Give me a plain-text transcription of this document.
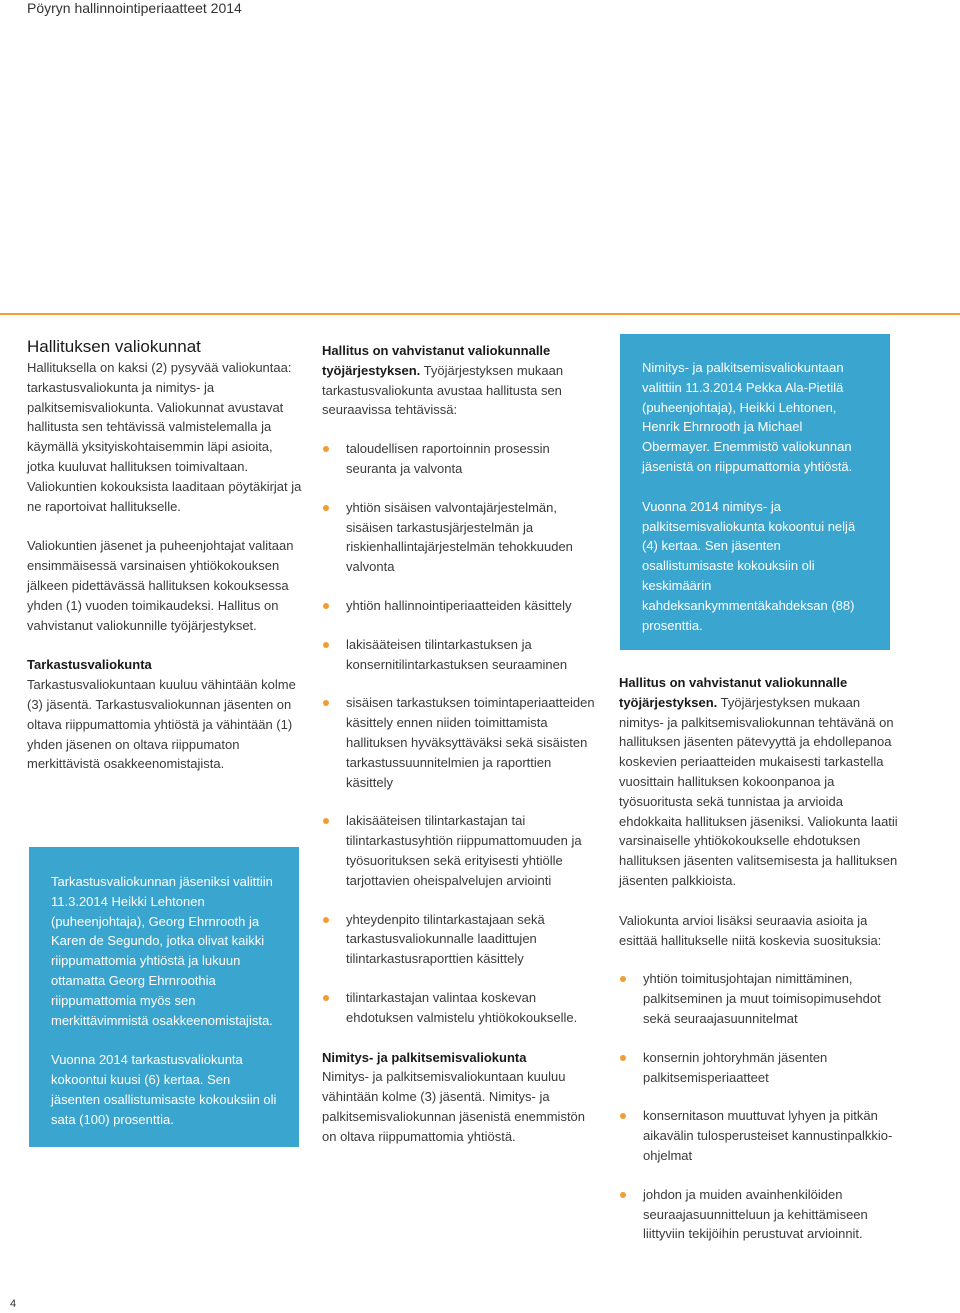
Pöyryn hallinnointiperiaatteet 2014

Hallituksen valiokunnat

Hallituksella on kaksi (2) pysyvää valiokuntaa: tarkastusvaliokunta ja nimitys- ja palkitsemisvaliokunta. Valiokunnat avustavat hallitusta sen tehtävissä valmistelemalla ja käymällä yksityiskohtaisemmin läpi asioita, jotka kuuluvat hallituksen toimivaltaan. Valiokuntien kokouksista laaditaan pöytäkirjat ja ne raportoivat hallitukselle.

Valiokuntien jäsenet ja puheenjohtajat valitaan ensimmäisessä varsinaisen yhtiökokouksen jälkeen pidettävässä hallituksen kokouksessa yhden (1) vuoden toimikaudeksi. Hallitus on vahvistanut valiokunnille työjärjestykset.

Tarkastusvaliokunta

Tarkastusvaliokuntaan kuuluu vähintään kolme (3) jäsentä. Tarkastusvaliokunnan jäsenten on oltava riippumattomia yhtiöstä ja vähintään (1) yhden jäsenen on oltava riippumaton merkittävistä osakkeenomistajista.

Tarkastusvaliokunnan jäseniksi valittiin 11.3.2014 Heikki Lehtonen (puheenjohtaja), Georg Ehrnrooth ja Karen de Segundo, jotka olivat kaikki riippumattomia yhtiöstä ja lukuun ottamatta Georg Ehrnroothia riippumattomia myös sen merkittävimmistä osakkeenomistajista.

Vuonna 2014 tarkastusvaliokunta kokoontui kuusi (6) kertaa. Sen jäsenten osallistumisaste kokouksiin oli sata (100) prosenttia.

Hallitus on vahvistanut valiokunnalle työjärjestyksen. Työjärjestyksen mukaan tarkastusvaliokunta avustaa hallitusta sen seuraavissa tehtävissä:

taloudellisen raportoinnin prosessin seuranta ja valvonta
yhtiön sisäisen valvontajärjestelmän, sisäisen tarkastusjärjestelmän ja riskienhallintajärjestelmän tehokkuuden valvonta
yhtiön hallinnointiperiaatteiden käsittely
lakisääteisen tilintarkastuksen ja konsernitilintarkastuksen seuraaminen
sisäisen tarkastuksen toimintaperiaatteiden käsittely ennen niiden toimittamista hallituksen hyväksyttäväksi sekä sisäisten tarkastussuunnitelmien ja raporttien käsittely
lakisääteisen tilintarkastajan tai tilintarkastusyhtiön riippumattomuuden ja työsuorituksen sekä erityisesti yhtiölle tarjottavien oheispalvelujen arviointi
yhteydenpito tilintarkastajaan sekä tarkastusvaliokunnalle laadittujen tilintarkastusraporttien käsittely
tilintarkastajan valintaa koskevan ehdotuksen valmistelu yhtiökokoukselle.

Nimitys- ja palkitsemisvaliokunta

Nimitys- ja palkitsemisvaliokuntaan kuuluu vähintään kolme (3) jäsentä. Nimitys- ja palkitsemisvaliokunnan jäsenistä enemmistön on oltava riippumattomia yhtiöstä.

Nimitys- ja palkitsemisvaliokuntaan valittiin 11.3.2014 Pekka Ala-Pietilä (puheenjohtaja), Heikki Lehtonen, Henrik Ehrnrooth ja Michael Obermayer. Enemmistö valiokunnan jäsenistä on riippumattomia yhtiöstä.

Vuonna 2014 nimitys- ja palkitsemisvaliokunta kokoontui neljä (4) kertaa. Sen jäsenten osallistumisaste kokouksiin oli keskimäärin kahdeksankymmentäkahdeksan (88) prosenttia.

Hallitus on vahvistanut valiokunnalle työjärjestyksen. Työjärjestyksen mukaan nimitys- ja palkitsemisvaliokunnan tehtävänä on hallituksen jäsenten pätevyyttä ja ehdollepanoa koskevien periaatteiden mukaisesti tarkastella vuosittain hallituksen kokoonpanoa ja työsuoritusta sekä tunnistaa ja arvioida ehdokkaita hallituksen jäseniksi. Valiokunta laatii varsinaiselle yhtiökokoukselle ehdotuksen hallituksen jäsenten valitsemisesta ja hallituksen jäsenten palkkioista.

Valiokunta arvioi lisäksi seuraavia asioita ja esittää hallitukselle niitä koskevia suosituksia:

yhtiön toimitusjohtajan nimittäminen, palkitseminen ja muut toimisopimusehdot sekä seuraajasuunnitelmat
konsernin johtoryhmän jäsenten palkitsemisperiaatteet
konsernitason muuttuvat lyhyen ja pitkän aikavälin tulosperusteiset kannustinpalkkio-ohjelmat
johdon ja muiden avainhenkilöiden seuraajasuunnitteluun ja kehittämiseen liittyviin tekijöihin perustuvat arvioinnit.
4
